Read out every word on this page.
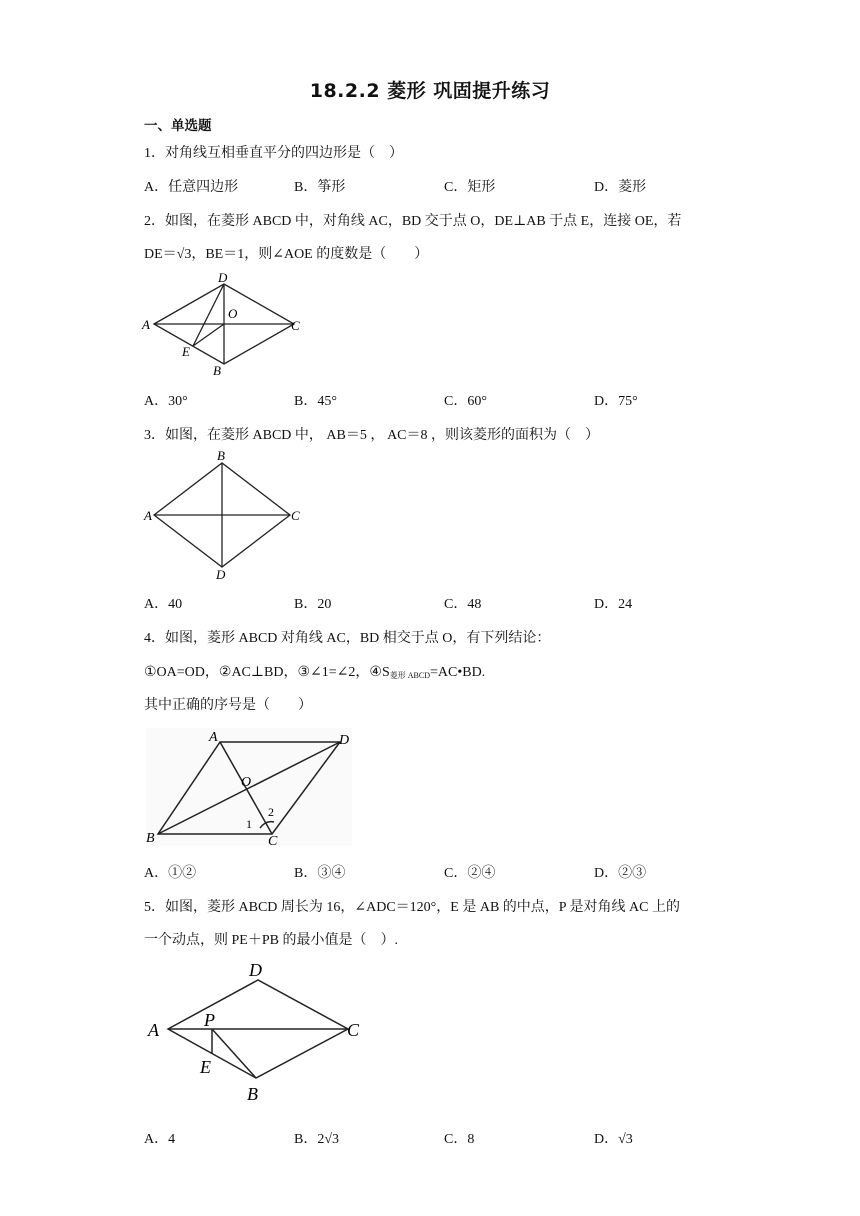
18.2.2 菱形 巩固提升练习
一、单选题
1．对角线互相垂直平分的四边形是（　）
A．任意四边形	B．筝形	C．矩形	D．菱形
2．如图，在菱形 ABCD 中，对角线 AC，BD 交于点 O，DE⊥AB 于点 E，连接 OE，若
DE＝√3，BE＝1，则∠AOE 的度数是（　　）
A
D
C
B
E
O
A．30°	B．45°	C．60°	D．75°
3．如图，在菱形 ABCD 中， AB＝5 ， AC＝8 ，则该菱形的面积为（　）
A
B
C
D
A．40	B．20	C．48	D．24
4．如图，菱形 ABCD 对角线 AC，BD 相交于点 O，有下列结论：
①OA=OD，②AC⊥BD，③∠1=∠2，$④S_{菱形 ABCD}=AC•BD$.
其中正确的序号是（　　）
A	D
O
B	C
1
2
A．①②	B．③④	C．②④	D．②③
5．如图，菱形 ABCD 周长为 16，∠ADC＝120°，E 是 AB 的中点，P 是对角线 AC 上的
一个动点，则 PE＋PB 的最小值是（　）.
A
D
C
B
E
P
A．4	B．2√3	C．8	D．√3
